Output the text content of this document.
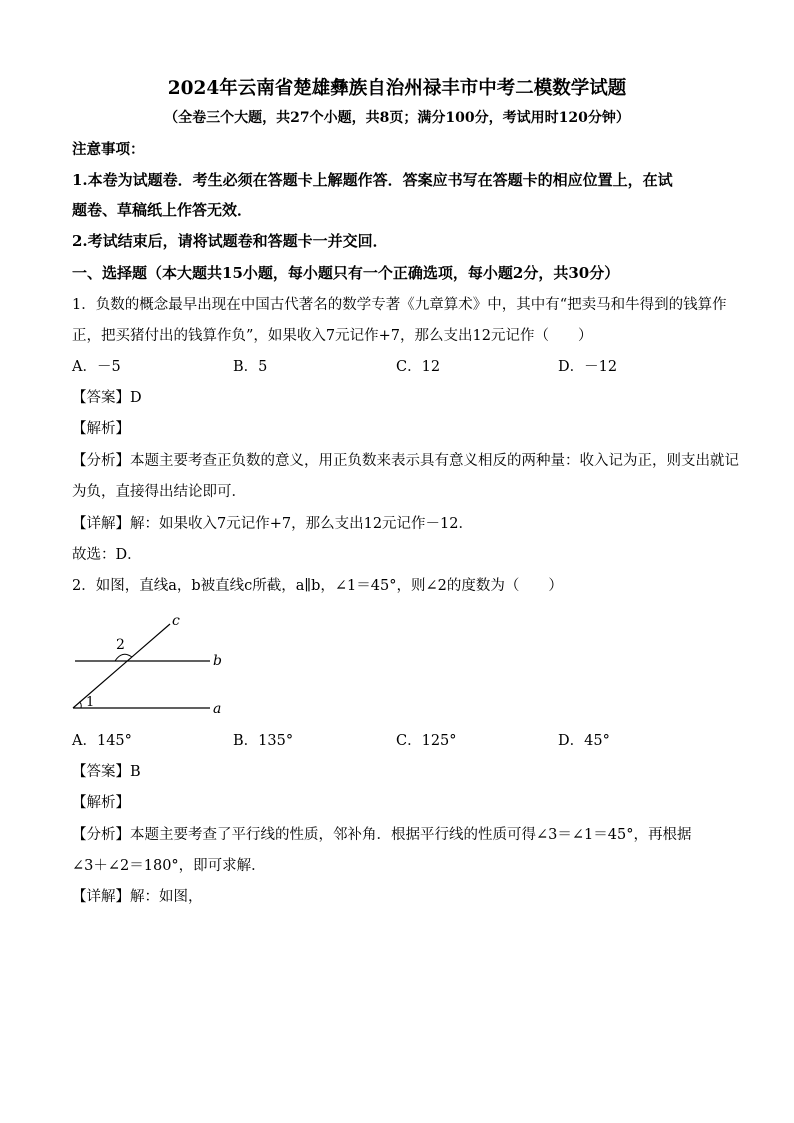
2024年云南省楚雄彝族自治州禄丰市中考二模数学试题
（全卷三个大题，共27个小题，共8页；满分100分，考试用时120分钟）
注意事项：
1.本卷为试题卷．考生必须在答题卡上解题作答．答案应书写在答题卡的相应位置上，在试
题卷、草稿纸上作答无效．
2.考试结束后，请将试题卷和答题卡一并交回．
一、选择题（本大题共15小题，每小题只有一个正确选项，每小题2分，共30分）
1．负数的概念最早出现在中国古代著名的数学专著《九章算术》中，其中有“把卖马和牛得到的钱算作
正，把买猪付出的钱算作负”，如果收入7元记作+7，那么支出12元记作（　　）
A．－5	B．5	C．12	D．－12
【答案】D
【解析】
【分析】本题主要考查正负数的意义，用正负数来表示具有意义相反的两种量：收入记为正，则支出就记
为负，直接得出结论即可．
【详解】解：如果收入7元记作+7，那么支出12元记作－12．
故选：D．
2．如图，直线a，b被直线c所截，a∥b，∠1＝45°，则∠2的度数为（　　）
c
b
a
2
1
A．145°	B．135°	C．125°	D．45°
【答案】B
【解析】
【分析】本题主要考查了平行线的性质，邻补角．根据平行线的性质可得∠3＝∠1＝45°，再根据
∠3＋∠2＝180°，即可求解．
【详解】解：如图，
